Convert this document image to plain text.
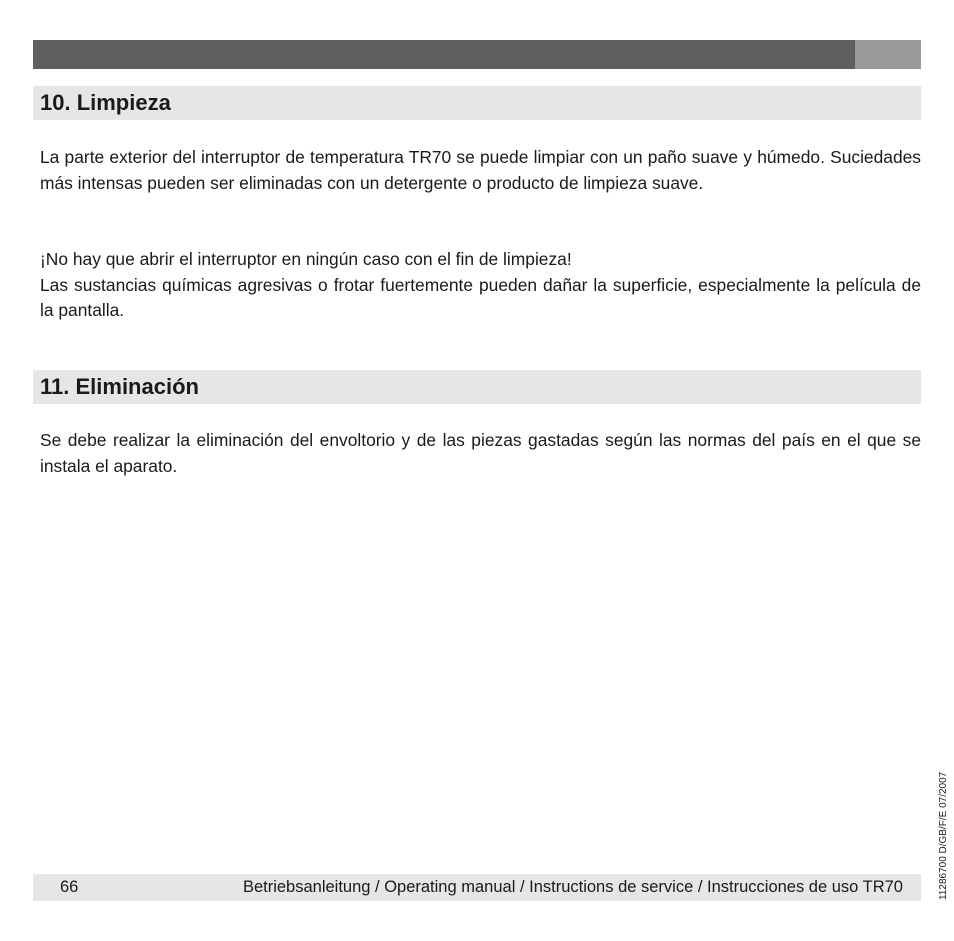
10. Limpieza

La parte exterior del interruptor de temperatura TR70 se puede limpiar con un paño suave y húmedo. Suciedades más intensas pueden ser eliminadas con un detergente o producto de limpieza suave.

¡No hay que abrir el interruptor en ningún caso con el fin de limpieza!
Las sustancias químicas agresivas o frotar fuertemente pueden dañar la superficie, especialmente la película de la pantalla.

11. Eliminación

Se debe realizar la eliminación del envoltorio y de las piezas gastadas según las normas del país en el que se instala el aparato.

66	Betriebsanleitung / Operating manual / Instructions de service / Instrucciones de uso TR70	11286700 D/GB/F/E 07/2007
